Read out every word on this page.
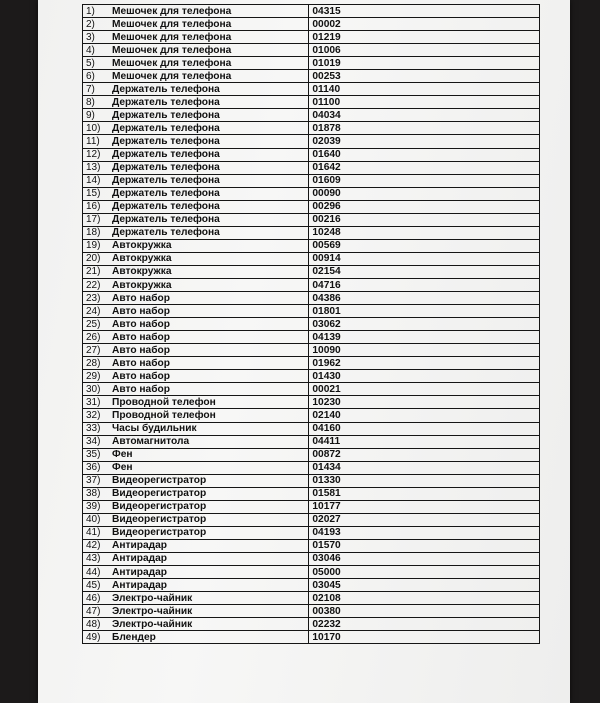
1) Мешочек для телефона	04315
2) Мешочек для телефона	00002
3) Мешочек для телефона	01219
4) Мешочек для телефона	01006
5) Мешочек для телефона	01019
6) Мешочек для телефона	00253
7) Держатель телефона	01140
8) Держатель телефона	01100
9) Держатель телефона	04034
10) Держатель телефона	01878
11) Держатель телефона	02039
12) Держатель телефона	01640
13) Держатель телефона	01642
14) Держатель телефона	01609
15) Держатель телефона	00090
16) Держатель телефона	00296
17) Держатель телефона	00216
18) Держатель телефона	10248
19) Автокружка	00569
20) Автокружка	00914
21) Автокружка	02154
22) Автокружка	04716
23) Авто набор	04386
24) Авто набор	01801
25) Авто набор	03062
26) Авто набор	04139
27) Авто набор	10090
28) Авто набор	01962
29) Авто набор	01430
30) Авто набор	00021
31) Проводной телефон	10230
32) Проводной телефон	02140
33) Часы будильник	04160
34) Автомагнитола	04411
35) Фен	00872
36) Фен	01434
37) Видеорегистратор	01330
38) Видеорегистратор	01581
39) Видеорегистратор	10177
40) Видеорегистратор	02027
41) Видеорегистратор	04193
42) Антирадар	01570
43) Антирадар	03046
44) Антирадар	05000
45) Антирадар	03045
46) Электро-чайник	02108
47) Электро-чайник	00380
48) Электро-чайник	02232
49) Блендер	10170
